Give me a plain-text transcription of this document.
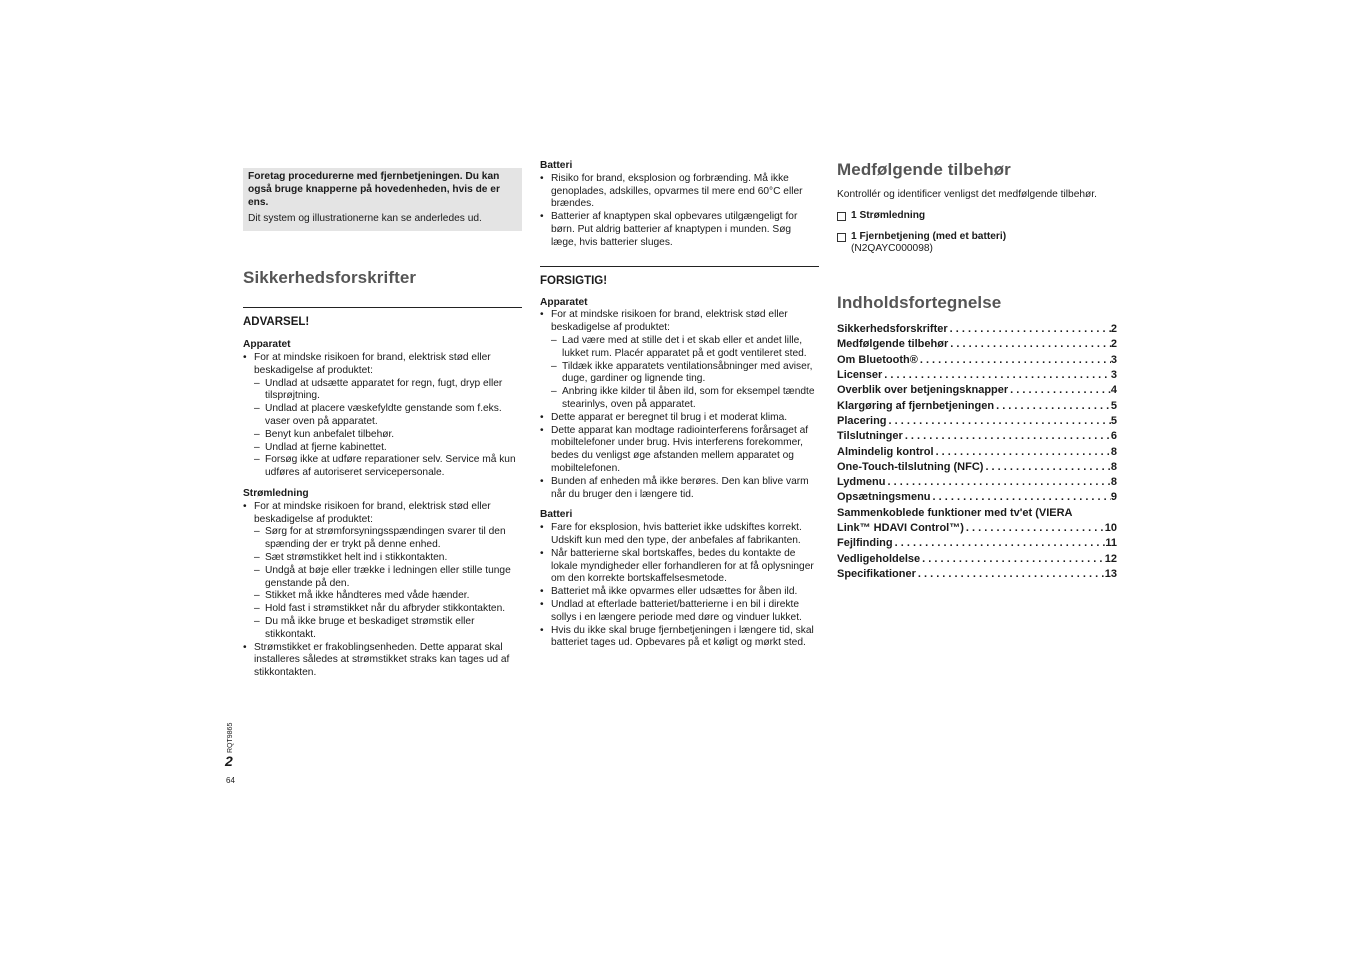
Foretag procedurerne med fjernbetjeningen. Du kan også bruge knapperne på hovedenheden, hvis de er ens.
Dit system og illustrationerne kan se anderledes ud.
Sikkerhedsforskrifter
ADVARSEL!
Apparatet
• For at mindske risikoen for brand, elektrisk stød eller beskadigelse af produktet:
– Undlad at udsætte apparatet for regn, fugt, dryp eller tilsprøjtning.
– Undlad at placere væskefyldte genstande som f.eks. vaser oven på apparatet.
– Benyt kun anbefalet tilbehør.
– Undlad at fjerne kabinettet.
– Forsøg ikke at udføre reparationer selv. Service må kun udføres af autoriseret servicepersonale.
Strømledning
• For at mindske risikoen for brand, elektrisk stød eller beskadigelse af produktet:
– Sørg for at strømforsyningsspændingen svarer til den spænding der er trykt på denne enhed.
– Sæt strømstikket helt ind i stikkontakten.
– Undgå at bøje eller trække i ledningen eller stille tunge genstande på den.
– Stikket må ikke håndteres med våde hænder.
– Hold fast i strømstikket når du afbryder stikkontakten.
– Du må ikke bruge et beskadiget strømstik eller stikkontakt.
• Strømstikket er frakoblingsenheden. Dette apparat skal installeres således at strømstikket straks kan tages ud af stikkontakten.
Batteri
• Risiko for brand, eksplosion og forbrænding. Må ikke genoplades, adskilles, opvarmes til mere end 60°C eller brændes.
• Batterier af knaptypen skal opbevares utilgængeligt for børn. Put aldrig batterier af knaptypen i munden. Søg læge, hvis batterier sluges.
FORSIGTIG!
Apparatet
• For at mindske risikoen for brand, elektrisk stød eller beskadigelse af produktet:
– Lad være med at stille det i et skab eller et andet lille, lukket rum. Placér apparatet på et godt ventileret sted.
– Tildæk ikke apparatets ventilationsåbninger med aviser, duge, gardiner og lignende ting.
– Anbring ikke kilder til åben ild, som for eksempel tændte stearinlys, oven på apparatet.
• Dette apparat er beregnet til brug i et moderat klima.
• Dette apparat kan modtage radiointerferens forårsaget af mobiltelefoner under brug. Hvis interferens forekommer, bedes du venligst øge afstanden mellem apparatet og mobiltelefonen.
• Bunden af enheden må ikke berøres. Den kan blive varm når du bruger den i længere tid.
Batteri
• Fare for eksplosion, hvis batteriet ikke udskiftes korrekt. Udskift kun med den type, der anbefales af fabrikanten.
• Når batterierne skal bortskaffes, bedes du kontakte de lokale myndigheder eller forhandleren for at få oplysninger om den korrekte bortskaffelsesmetode.
• Batteriet må ikke opvarmes eller udsættes for åben ild.
• Undlad at efterlade batteriet/batterierne i en bil i direkte sollys i en længere periode med døre og vinduer lukket.
• Hvis du ikke skal bruge fjernbetjeningen i længere tid, skal batteriet tages ud. Opbevares på et køligt og mørkt sted.
Medfølgende tilbehør
Kontrollér og identificer venligst det medfølgende tilbehør.
1 Strømledning
1 Fjernbetjening (med et batteri)
(N2QAYC000098)
Indholdsfortegnelse
Sikkerhedsforskrifter . . .	2
Medfølgende tilbehør . . .	2
Om Bluetooth® . . .	3
Licenser . . .	3
Overblik over betjeningsknapper . . .	4
Klargøring af fjernbetjeningen . . .	5
Placering . . .	5
Tilslutninger . . .	6
Almindelig kontrol . . .	8
One-Touch-tilslutning (NFC) . . .	8
Lydmenu . . .	8
Opsætningsmenu . . .	9
Sammenkoblede funktioner med tv'et (VIERA
Link™ HDAVI Control™) . . .	10
Fejlfinding . . .	11
Vedligeholdelse . . .	12
Specifikationer . . .	13
RQT9865
2
64
